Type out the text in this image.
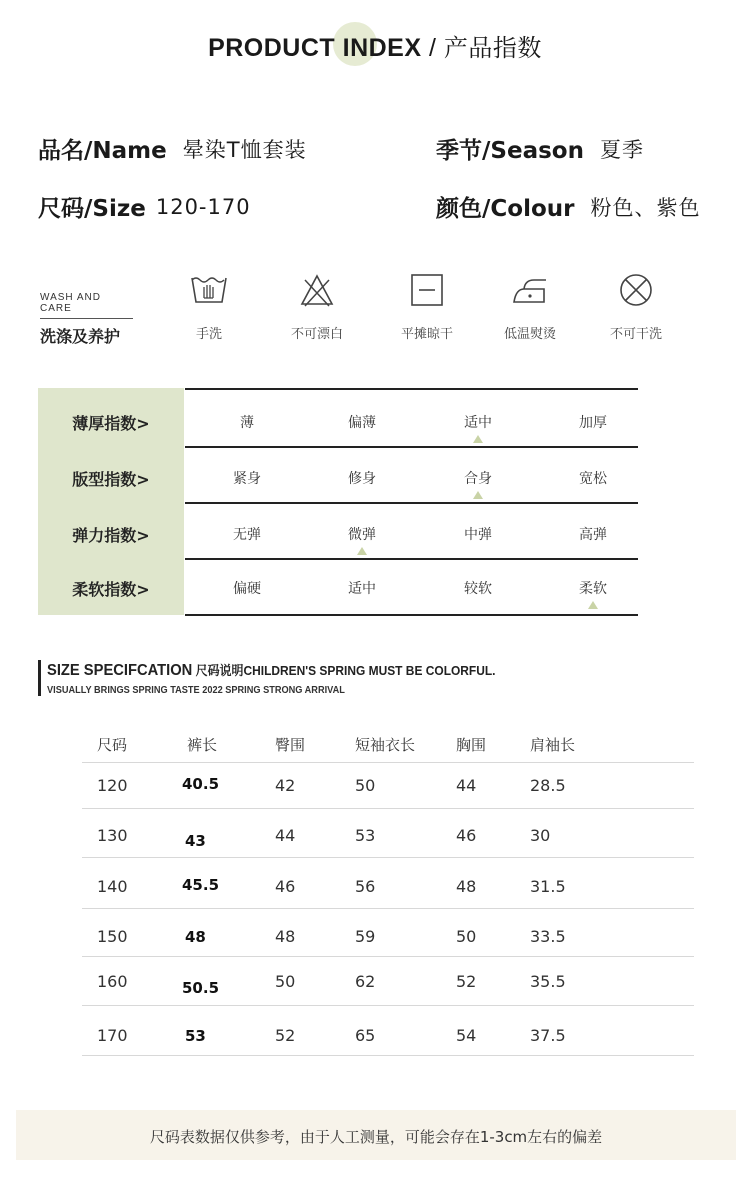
PRODUCT INDEX / 产品指数
品名/Name 晕染T恤套装	季节/Season 夏季
尺码/Size 120-170	颜色/Colour 粉色、紫色
WASH AND CARE
洗涤及养护	手洗	不可漂白	平摊晾干	低温熨烫	不可干洗
薄厚指数>	薄	偏薄	适中	加厚
版型指数>	紧身	修身	合身	宽松
弹力指数>	无弹	微弹	中弹	高弹
柔软指数>	偏硬	适中	较软	柔软
SIZE SPECIFCATION 尺码说明CHILDREN'S SPRING MUST BE COLORFUL.
VISUALLY BRINGS SPRING TASTE 2022 SPRING STRONG ARRIVAL
尺码	裤长	臀围	短袖衣长	胸围	肩袖长
120	40.5	42	50	44	28.5
130	43	44	53	46	30
140	45.5	46	56	48	31.5
150	48	48	59	50	33.5
160	50.5	50	62	52	35.5
170	53	52	65	54	37.5
尺码表数据仅供参考，由于人工测量，可能会存在1-3cm左右的偏差
